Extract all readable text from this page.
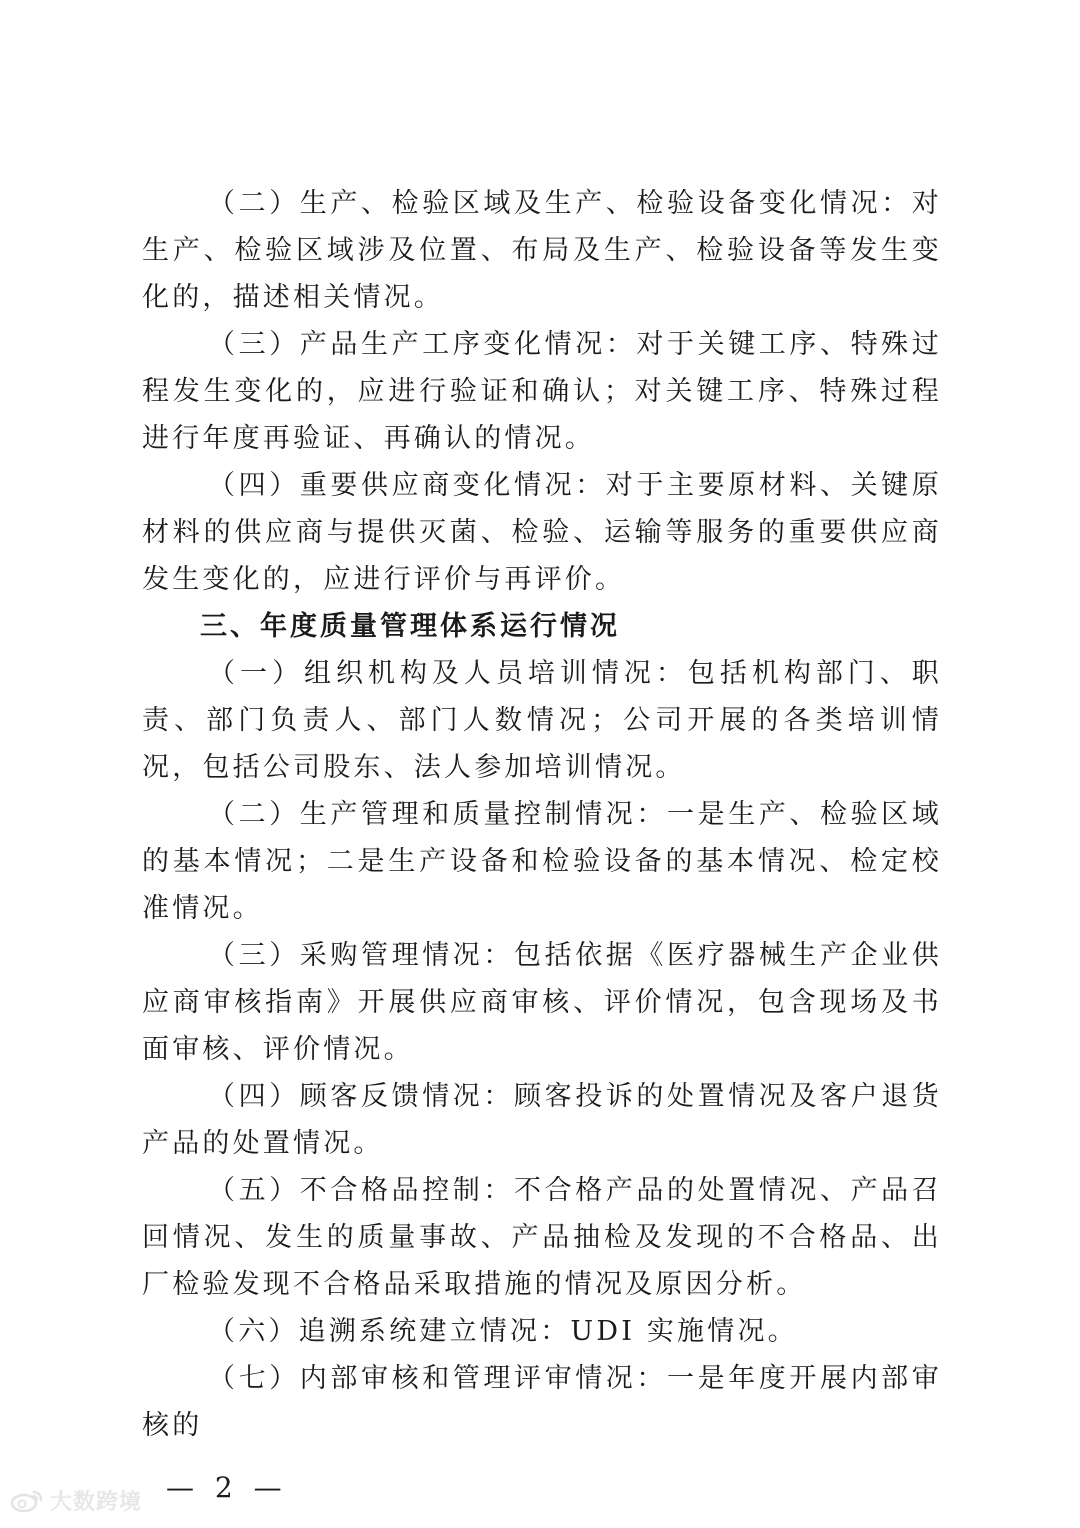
（二）生产、检验区域及生产、检验设备变化情况：对生产、检验区域涉及位置、布局及生产、检验设备等发生变化的，描述相关情况。

（三）产品生产工序变化情况：对于关键工序、特殊过程发生变化的，应进行验证和确认；对关键工序、特殊过程进行年度再验证、再确认的情况。

（四）重要供应商变化情况：对于主要原材料、关键原材料的供应商与提供灭菌、检验、运输等服务的重要供应商发生变化的，应进行评价与再评价。

三、年度质量管理体系运行情况

（一）组织机构及人员培训情况：包括机构部门、职责、部门负责人、部门人数情况；公司开展的各类培训情况，包括公司股东、法人参加培训情况。

（二）生产管理和质量控制情况：一是生产、检验区域的基本情况；二是生产设备和检验设备的基本情况、检定校准情况。

（三）采购管理情况：包括依据《医疗器械生产企业供应商审核指南》开展供应商审核、评价情况，包含现场及书面审核、评价情况。

（四）顾客反馈情况：顾客投诉的处置情况及客户退货产品的处置情况。

（五）不合格品控制：不合格产品的处置情况、产品召回情况、发生的质量事故、产品抽检及发现的不合格品、出厂检验发现不合格品采取措施的情况及原因分析。

（六）追溯系统建立情况：UDI 实施情况。

（七）内部审核和管理评审情况：一是年度开展内部审核的

— 2 —
大数跨境
